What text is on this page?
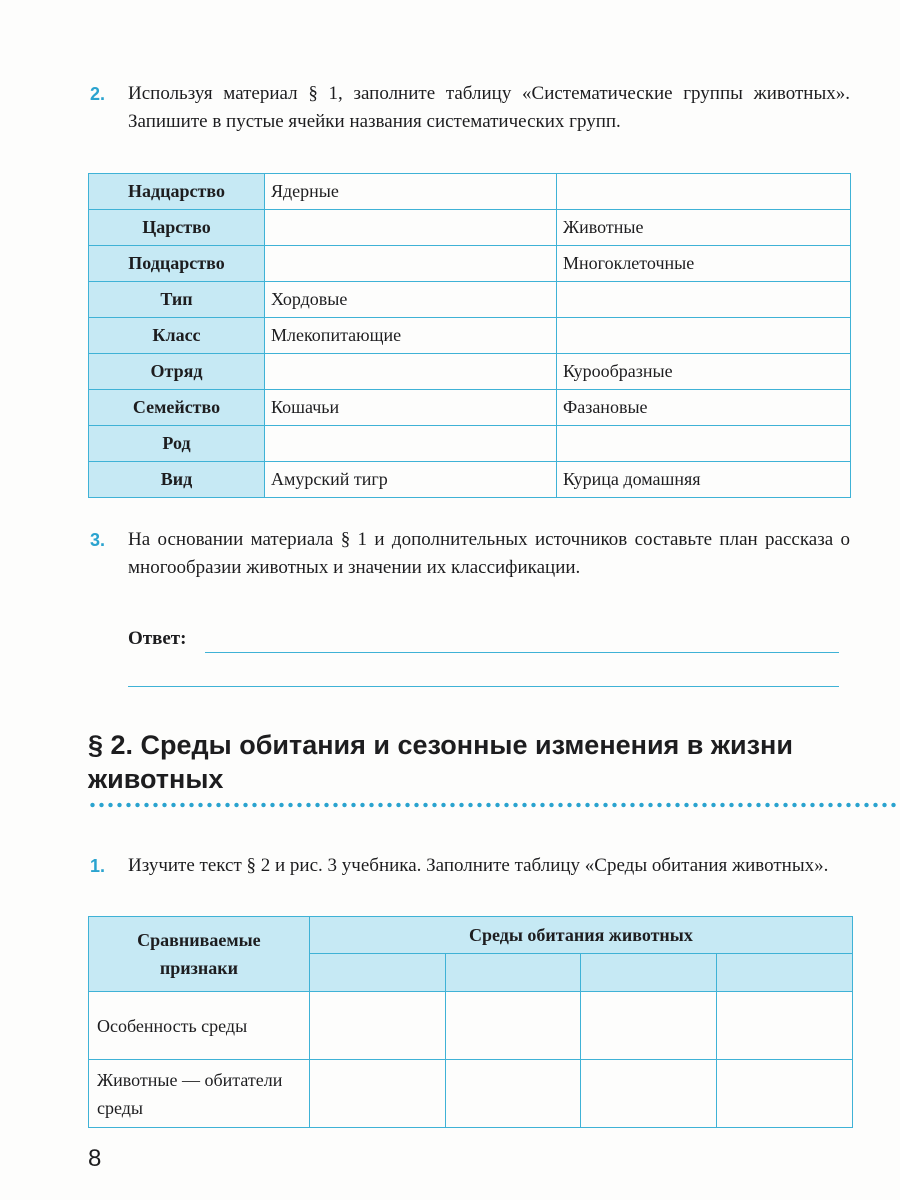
2. Используя материал § 1, заполните таблицу «Систематические группы животных». Запишите в пустые ячейки названия систематических групп.
Надцарство	Ядерные	
Царство		Животные
Подцарство		Многоклеточные
Тип	Хордовые	
Класс	Млекопитающие	
Отряд		Курообразные
Семейство	Кошачьи	Фазановые
Род		
Вид	Амурский тигр	Курица домашняя
3. На основании материала § 1 и дополнительных источников составьте план рассказа о многообразии животных и значении их классификации.
Ответ:
§ 2. Среды обитания и сезонные изменения в жизни животных
1. Изучите текст § 2 и рис. 3 учебника. Заполните таблицу «Среды обитания животных».
Сравниваемые признаки	Среды обитания животных			

Особенность среды				
Животные — обитатели среды				
8
